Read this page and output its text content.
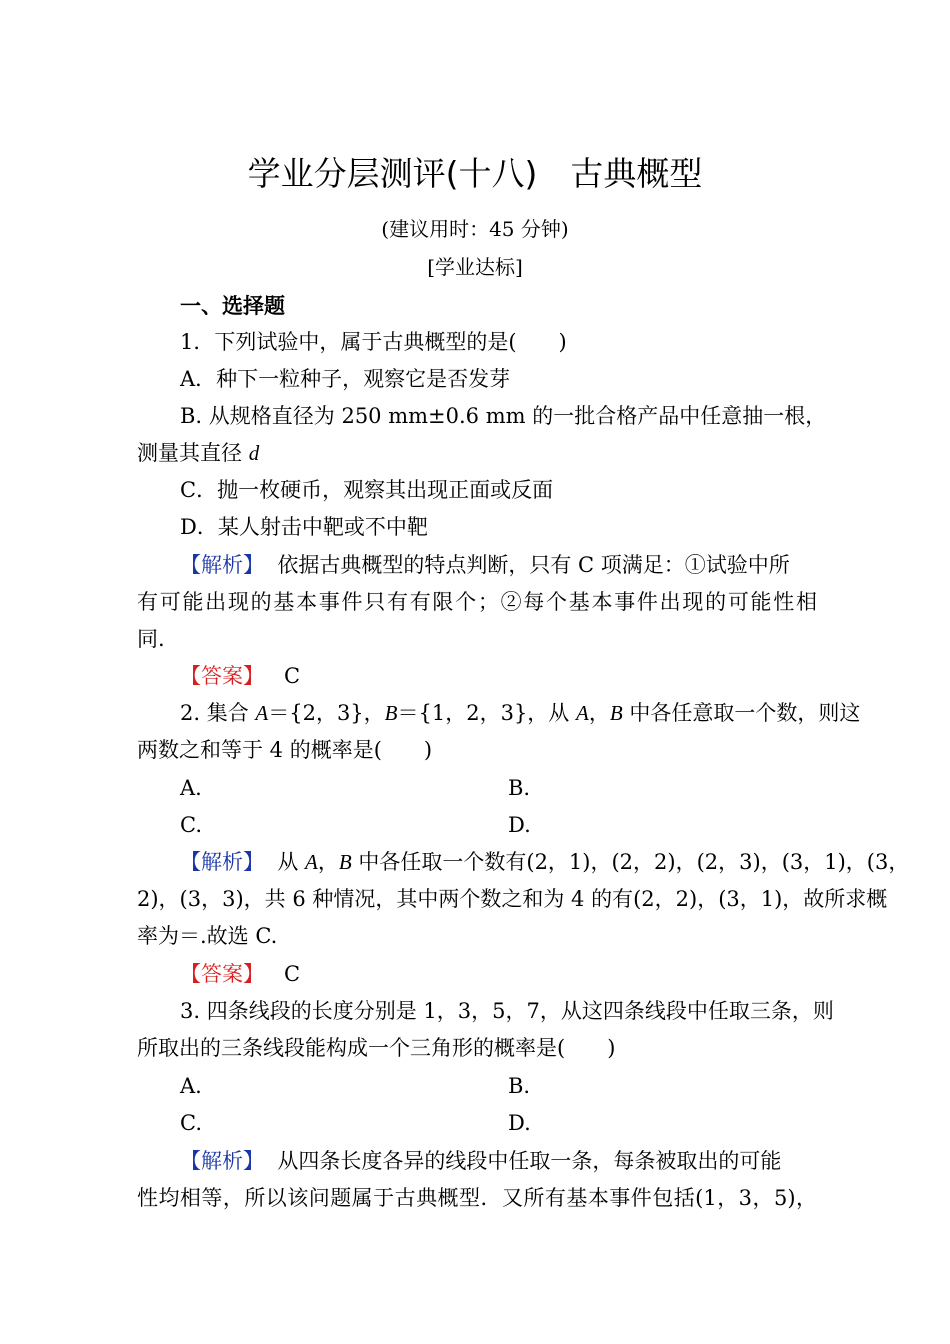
学业分层测评(十八)　古典概型
(建议用时：45 分钟)
[学业达标]
一、选择题
1．下列试验中，属于古典概型的是(　　)
A．种下一粒种子，观察它是否发芽
B. 从规格直径为 250 mm±0.6 mm 的一批合格产品中任意抽一根，
测量其直径 d
C．抛一枚硬币，观察其出现正面或反面
D．某人射击中靶或不中靶
【解析】 依据古典概型的特点判断，只有 C 项满足：①试验中所
有可能出现的基本事件只有有限个；②每个基本事件出现的可能性相
同.
【答案】 C
2. 集合 A＝{2，3}，B＝{1，2，3}，从 A，B 中各任意取一个数，则这
两数之和等于 4 的概率是(　　)
A.	B.
C.	D.
【解析】 从 A，B 中各任取一个数有(2，1)，(2，2)，(2，3)，(3，1)，(3，
2)，(3，3)，共 6 种情况，其中两个数之和为 4 的有(2，2)，(3，1)，故所求概
率为＝.故选 C.
【答案】 C
3. 四条线段的长度分别是 1，3，5，7，从这四条线段中任取三条，则
所取出的三条线段能构成一个三角形的概率是(　　)
A.	B.
C.	D.
【解析】 从四条长度各异的线段中任取一条，每条被取出的可能
性均相等，所以该问题属于古典概型．又所有基本事件包括(1，3，5)，
